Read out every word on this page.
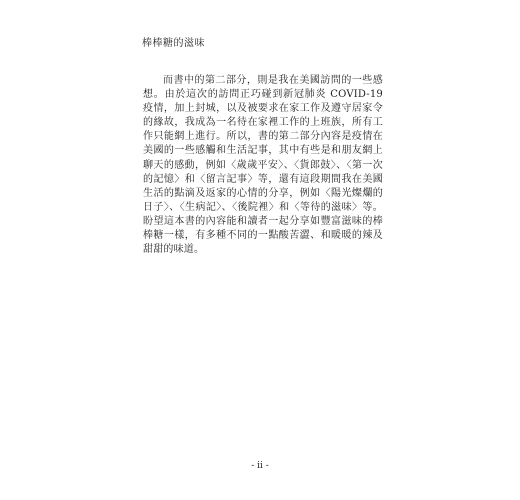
棒棒糖的滋味
而書中的第二部分，則是我在美國訪問的一些感想。由於這次的訪問正巧碰到新冠肺炎 COVID-19 疫情，加上封城，以及被要求在家工作及遵守居家令的緣故，我成為一名待在家裡工作的上班族，所有工作只能網上進行。所以，書的第二部分內容是疫情在美國的一些感觸和生活記事，其中有些是和朋友網上聊天的感動，例如〈歲歲平安〉、〈貨郎鼓〉、〈第一次的記憶〉和〈留言記事〉等，還有這段期間我在美國生活的點滴及返家的心情的分享，例如〈陽光燦爛的日子〉、〈生病記〉、〈後院裡〉和〈等待的滋味〉等。盼望這本書的內容能和讀者一起分享如豐富滋味的棒棒糖一樣，有多種不同的一點酸苦澀、和暖暖的辣及甜甜的味道。
- ii -
